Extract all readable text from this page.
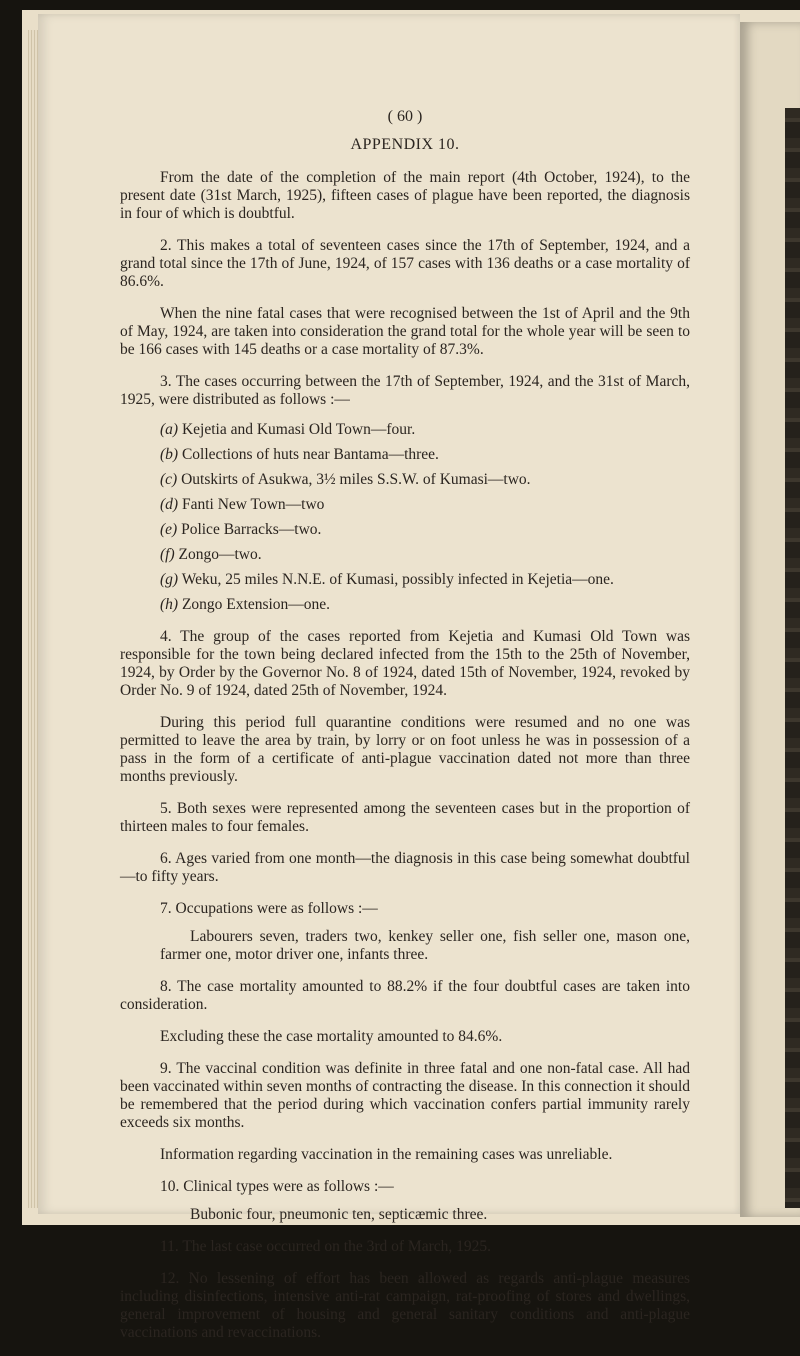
( 60 )
APPENDIX 10.

From the date of the completion of the main report (4th October, 1924), to the present date (31st March, 1925), fifteen cases of plague have been reported, the diagnosis in four of which is doubtful.

2. This makes a total of seventeen cases since the 17th of September, 1924, and a grand total since the 17th of June, 1924, of 157 cases with 136 deaths or a case mortality of 86.6%.

When the nine fatal cases that were recognised between the 1st of April and the 9th of May, 1924, are taken into consideration the grand total for the whole year will be seen to be 166 cases with 145 deaths or a case mortality of 87.3%.

3. The cases occurring between the 17th of September, 1924, and the 31st of March, 1925, were distributed as follows :—

(a) Kejetia and Kumasi Old Town—four.
(b) Collections of huts near Bantama—three.
(c) Outskirts of Asukwa, 3½ miles S.S.W. of Kumasi—two.
(d) Fanti New Town—two
(e) Police Barracks—two.
(f) Zongo—two.
(g) Weku, 25 miles N.N.E. of Kumasi, possibly infected in Kejetia—one.
(h) Zongo Extension—one.

4. The group of the cases reported from Kejetia and Kumasi Old Town was responsible for the town being declared infected from the 15th to the 25th of November, 1924, by Order by the Governor No. 8 of 1924, dated 15th of November, 1924, revoked by Order No. 9 of 1924, dated 25th of November, 1924.

During this period full quarantine conditions were resumed and no one was permitted to leave the area by train, by lorry or on foot unless he was in possession of a pass in the form of a certificate of anti-plague vaccination dated not more than three months previously.

5. Both sexes were represented among the seventeen cases but in the proportion of thirteen males to four females.

6. Ages varied from one month—the diagnosis in this case being somewhat doubtful—to fifty years.

7. Occupations were as follows :—

Labourers seven, traders two, kenkey seller one, fish seller one, mason one, farmer one, motor driver one, infants three.

8. The case mortality amounted to 88.2% if the four doubtful cases are taken into consideration.

Excluding these the case mortality amounted to 84.6%.

9. The vaccinal condition was definite in three fatal and one non-fatal case. All had been vaccinated within seven months of contracting the disease. In this connection it should be remembered that the period during which vaccination confers partial immunity rarely exceeds six months.

Information regarding vaccination in the remaining cases was unreliable.

10. Clinical types were as follows :—

Bubonic four, pneumonic ten, septicæmic three.

11. The last case occurred on the 3rd of March, 1925.

12. No lessening of effort has been allowed as regards anti-plague measures including disinfections, intensive anti-rat campaign, rat-proofing of stores and dwellings, general improvement of housing and general sanitary conditions and anti-plague vaccinations and revaccinations.
